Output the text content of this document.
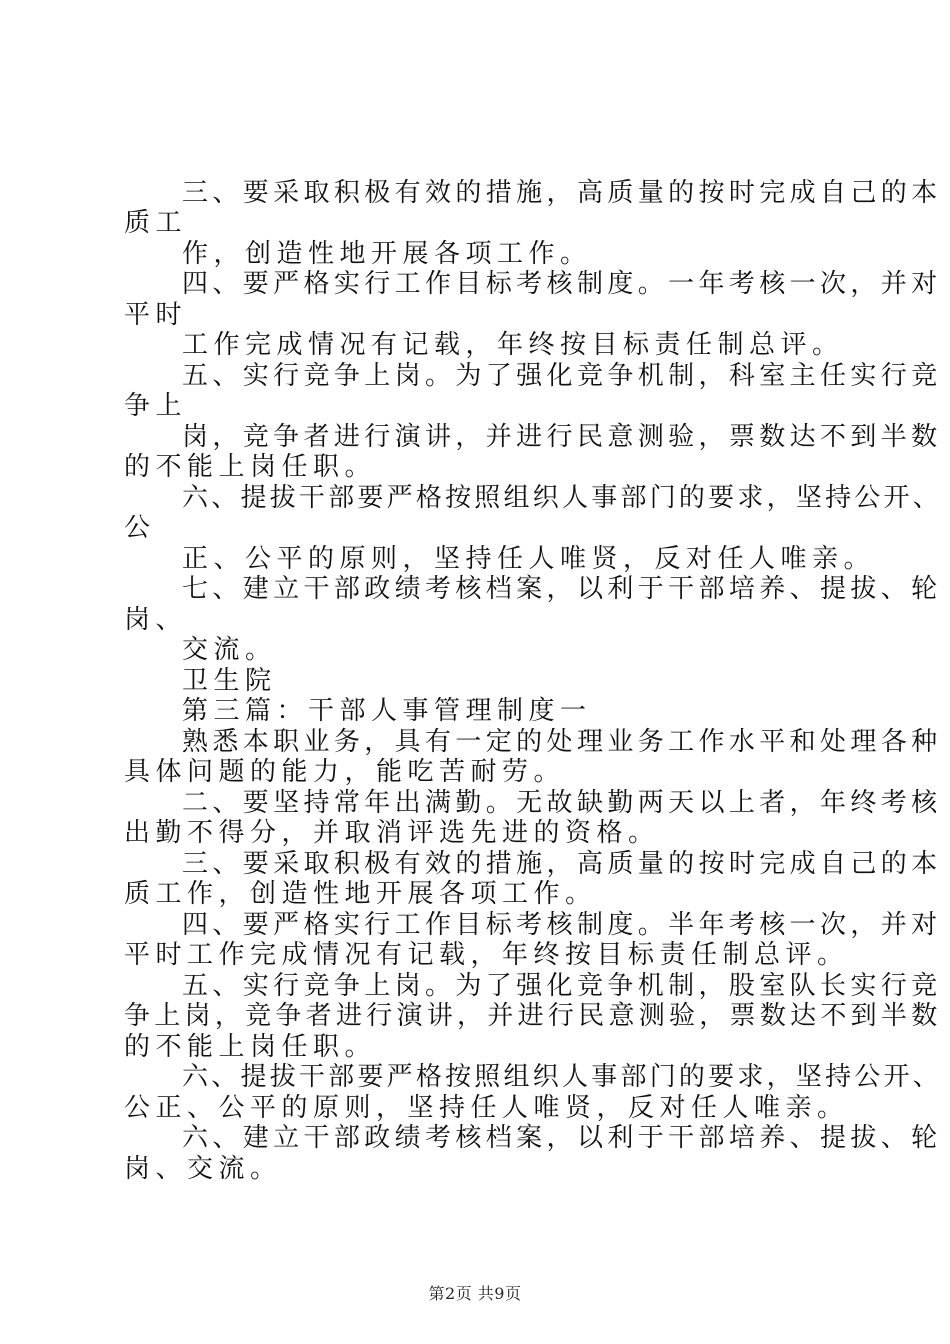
三、要采取积极有效的措施，高质量的按时完成自己的本
质工
作，创造性地开展各项工作。
四、要严格实行工作目标考核制度。一年考核一次，并对
平时
工作完成情况有记载，年终按目标责任制总评。
五、实行竞争上岗。为了强化竞争机制，科室主任实行竞
争上
岗，竞争者进行演讲，并进行民意测验，票数达不到半数
的不能上岗任职。
六、提拔干部要严格按照组织人事部门的要求，坚持公开、
公
正、公平的原则，坚持任人唯贤，反对任人唯亲。
七、建立干部政绩考核档案，以利于干部培养、提拔、轮
岗、
交流。
卫生院
第三篇：干部人事管理制度一
熟悉本职业务，具有一定的处理业务工作水平和处理各种
具体问题的能力，能吃苦耐劳。
二、要坚持常年出满勤。无故缺勤两天以上者，年终考核
出勤不得分，并取消评选先进的资格。
三、要采取积极有效的措施，高质量的按时完成自己的本
质工作，创造性地开展各项工作。
四、要严格实行工作目标考核制度。半年考核一次，并对
平时工作完成情况有记载，年终按目标责任制总评。
五、实行竞争上岗。为了强化竞争机制，股室队长实行竞
争上岗，竞争者进行演讲，并进行民意测验，票数达不到半数
的不能上岗任职。
六、提拔干部要严格按照组织人事部门的要求，坚持公开、
公正、公平的原则，坚持任人唯贤，反对任人唯亲。
六、建立干部政绩考核档案，以利于干部培养、提拔、轮
岗、交流。
第2页 共9页
